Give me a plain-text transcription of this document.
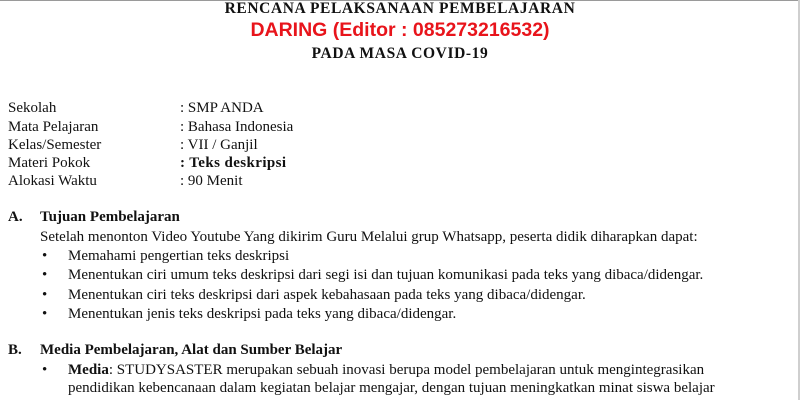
RENCANA PELAKSANAAN PEMBELAJARAN
DARING (Editor : 085273216532)
PADA MASA COVID-19
Sekolah	: SMP ANDA
Mata Pelajaran	: Bahasa Indonesia
Kelas/Semester	: VII / Ganjil
Materi Pokok	: Teks deskripsi
Alokasi Waktu	: 90 Menit
A. Tujuan Pembelajaran
Setelah menonton Video Youtube Yang dikirim Guru Melalui grup Whatsapp, peserta didik diharapkan dapat:
• Memahami pengertian teks deskripsi
• Menentukan ciri umum teks deskripsi dari segi isi dan tujuan komunikasi pada teks yang dibaca/didengar.
• Menentukan ciri teks deskripsi dari aspek kebahasaan pada teks yang dibaca/didengar.
• Menentukan jenis teks deskripsi pada teks yang dibaca/didengar.
B. Media Pembelajaran, Alat dan Sumber Belajar
• Media: STUDYSASTER merupakan sebuah inovasi berupa model pembelajaran untuk mengintegrasikan
pendidikan kebencanaan dalam kegiatan belajar mengajar, dengan tujuan meningkatkan minat siswa belajar
